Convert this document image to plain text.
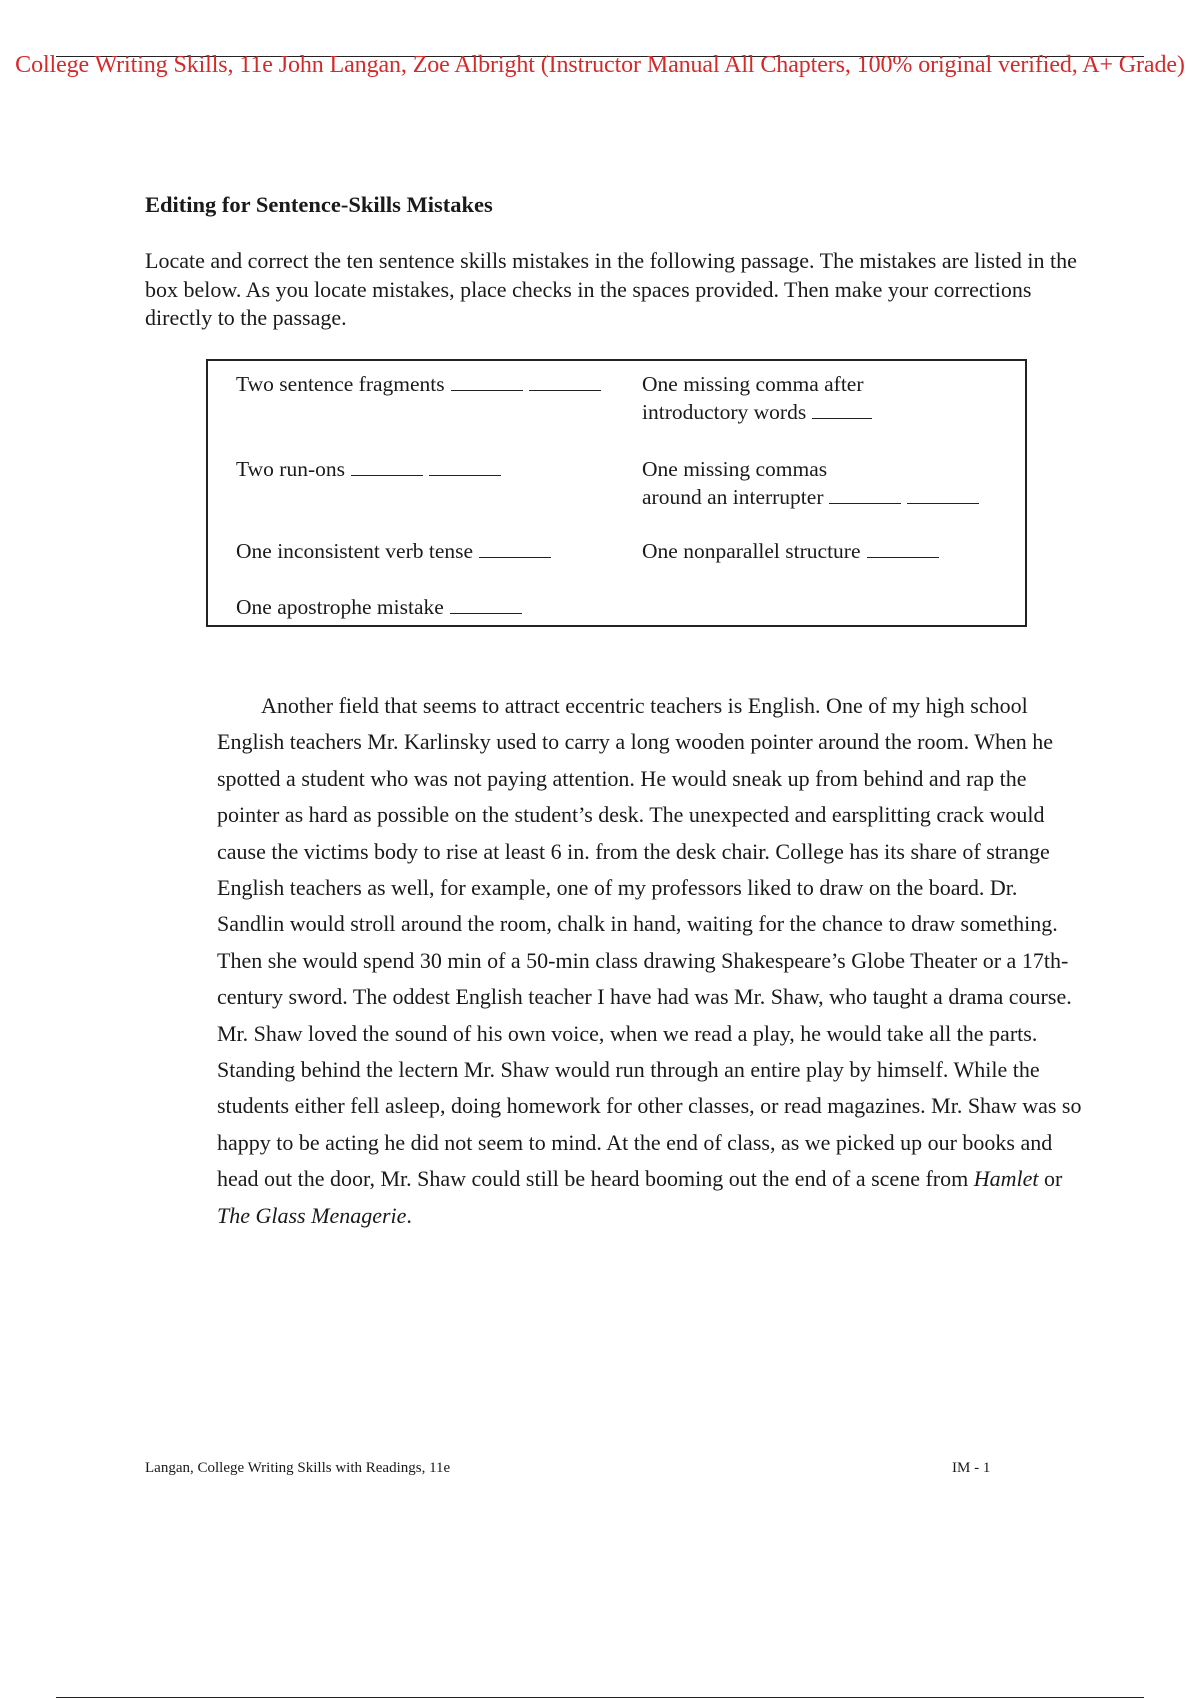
College Writing Skills, 11e John Langan, Zoe Albright (Instructor Manual All Chapters, 100% original verified, A+ Grade)
Editing for Sentence-Skills Mistakes

Locate and correct the ten sentence skills mistakes in the following passage. The mistakes are listed in the box below. As you locate mistakes, place checks in the spaces provided. Then make your corrections directly to the passage.

Two sentence fragments	One missing comma after
introductory words
Two run-ons	One missing commas
around an interrupter
One inconsistent verb tense	One nonparallel structure
One apostrophe mistake

Another field that seems to attract eccentric teachers is English. One of my high school English teachers Mr. Karlinsky used to carry a long wooden pointer around the room. When he spotted a student who was not paying attention. He would sneak up from behind and rap the pointer as hard as possible on the student’s desk. The unexpected and earsplitting crack would cause the victims body to rise at least 6 in. from the desk chair. College has its share of strange English teachers as well, for example, one of my professors liked to draw on the board. Dr. Sandlin would stroll around the room, chalk in hand, waiting for the chance to draw something. Then she would spend 30 min of a 50-min class drawing Shakespeare’s Globe Theater or a 17th-century sword. The oddest English teacher I have had was Mr. Shaw, who taught a drama course. Mr. Shaw loved the sound of his own voice, when we read a play, he would take all the parts. Standing behind the lectern Mr. Shaw would run through an entire play by himself. While the students either fell asleep, doing homework for other classes, or read magazines. Mr. Shaw was so happy to be acting he did not seem to mind. At the end of class, as we picked up our books and head out the door, Mr. Shaw could still be heard booming out the end of a scene from Hamlet or The Glass Menagerie.

Langan, College Writing Skills with Readings, 11e	IM - 1
